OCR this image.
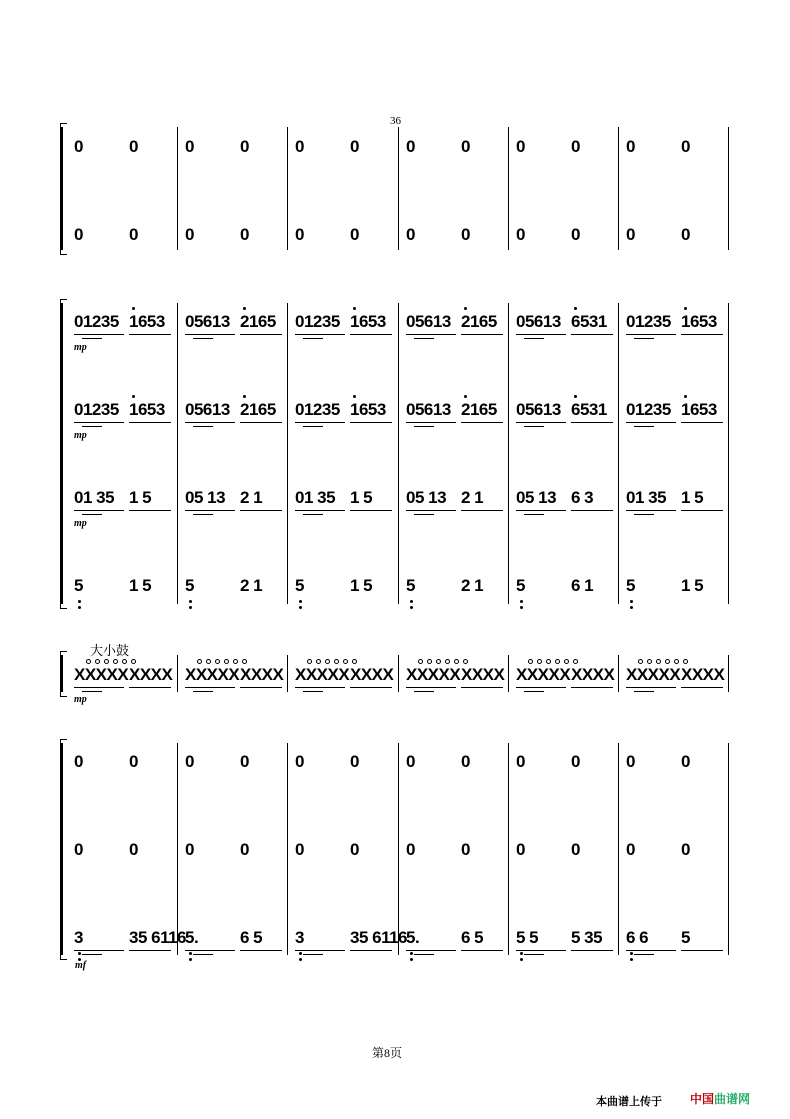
36
0	0	0	0	0	0	0	0	0	0	0	0
0	0	0	0	0	0	0	0	0	0	0	0
01235 1653 05613 2165 01235 1653 05613 2165 05613 6531 01235 1653
01235 1653 05613 2165 01235 1653 05613 2165 05613 6531 01235 1653
01 35 1 5 05 13 2 1 01 35 1 5 05 13 2 1 05 13 6 3 01 35 1 5
5	1 5 5	2 1 5	1 5 5	2 1 5	6 1 5	1 5
XXXXX XXXX XXXXX XXXX XXXXX XXXX XXXXX XXXX XXXXX XXXX XXXXX XXXX
0	0	0	0	0	0	0	0	0	0	0	0
0	0	0	0	0	0	0	0	0	0	0	0
3	35 6116
5. 6 5 3	35 6116
5. 6 5 5 5 5 35 6 6 5
mp
mp
mp
mp
mf
大小鼓
第8页
本曲谱上传于 中国曲谱网
